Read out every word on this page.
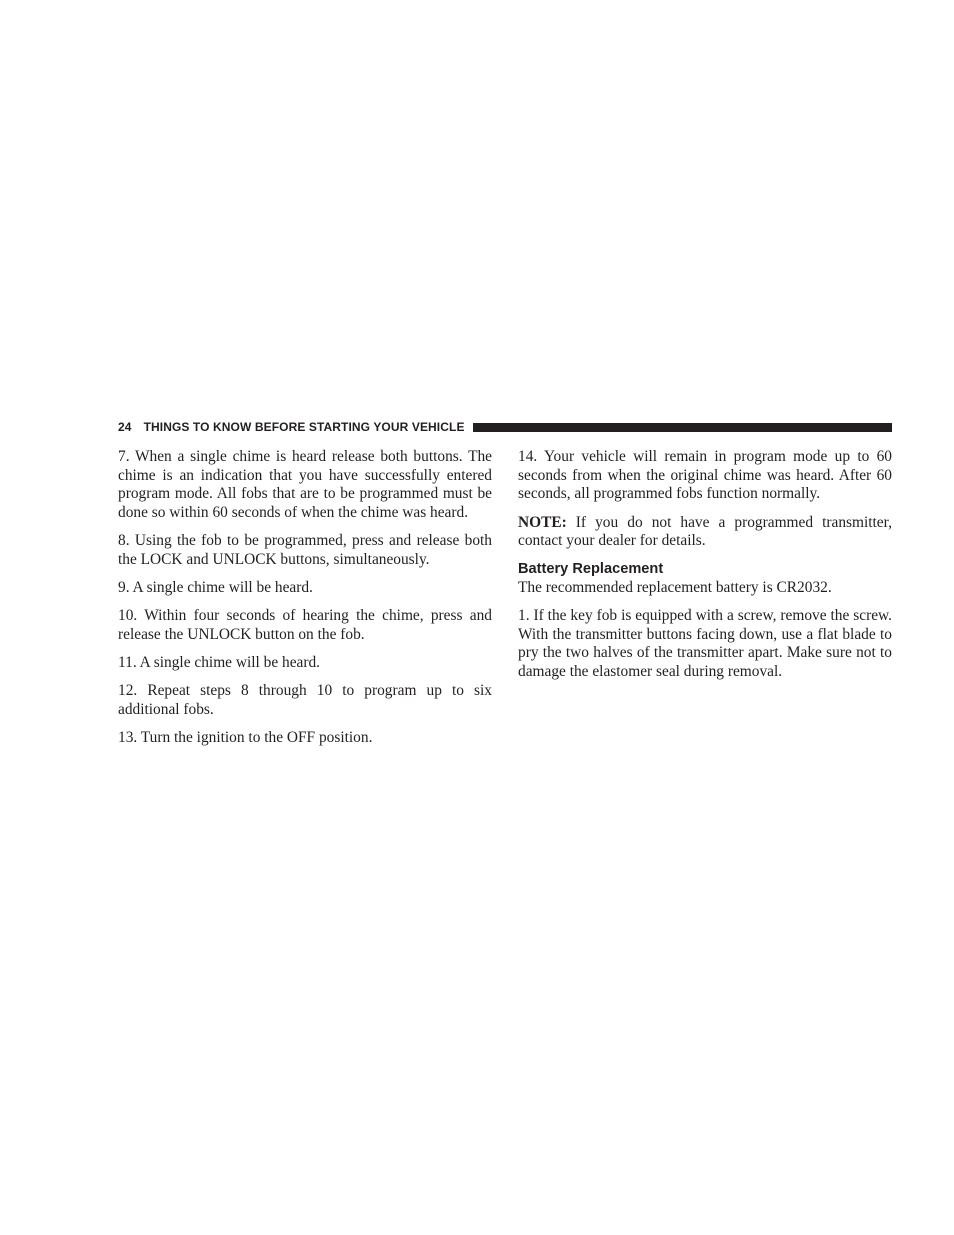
24 THINGS TO KNOW BEFORE STARTING YOUR VEHICLE

7. When a single chime is heard release both buttons. The chime is an indication that you have successfully entered program mode. All fobs that are to be programmed must be done so within 60 seconds of when the chime was heard.

8. Using the fob to be programmed, press and release both the LOCK and UNLOCK buttons, simultaneously.

9. A single chime will be heard.

10. Within four seconds of hearing the chime, press and release the UNLOCK button on the fob.

11. A single chime will be heard.

12. Repeat steps 8 through 10 to program up to six additional fobs.

13. Turn the ignition to the OFF position.

14. Your vehicle will remain in program mode up to 60 seconds from when the original chime was heard. After 60 seconds, all programmed fobs function normally.

NOTE: If you do not have a programmed transmitter, contact your dealer for details.

Battery Replacement

The recommended replacement battery is CR2032.

1. If the key fob is equipped with a screw, remove the screw. With the transmitter buttons facing down, use a flat blade to pry the two halves of the transmitter apart. Make sure not to damage the elastomer seal during removal.
